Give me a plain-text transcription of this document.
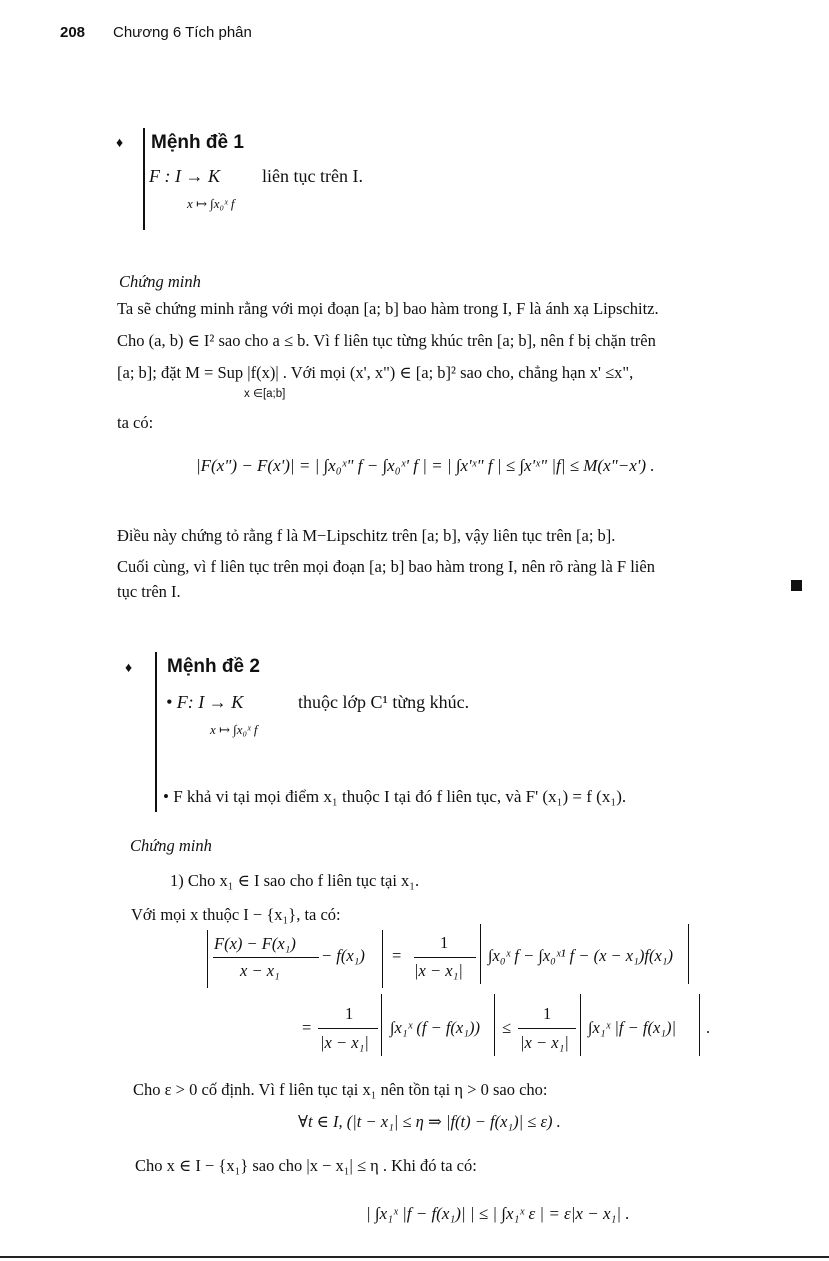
208 Chương 6 Tích phân
♦ Mệnh đề 1
F : I → K liên tục trên I.
x ↦ ∫x₀ˣ f
Chứng minh
Ta sẽ chứng minh rằng với mọi đoạn [a; b] bao hàm trong I, F là ánh xạ Lipschitz.
Cho (a, b) ∈ I² sao cho a ≤ b. Vì f liên tục từng khúc trên [a; b], nên f bị chặn trên
[a; b]; đặt M = Sup |f(x)| . Với mọi (x', x") ∈ [a; b]² sao cho, chẳng hạn x' ≤x",
x ∈[a;b]
ta có:
|F(x") − F(x')| = | ∫x₀ˣ" f − ∫x₀ˣ' f | = | ∫x'ˣ" f | ≤ ∫x'ˣ" |f| ≤ M(x"−x') .
Điều này chứng tỏ rằng f là M−Lipschitz trên [a; b], vậy liên tục trên [a; b].
Cuối cùng, vì f liên tục trên mọi đoạn [a; b] bao hàm trong I, nên rõ ràng là F liên
tục trên I.
♦ Mệnh đề 2
• F: I → K	thuộc lớp C¹ từng khúc.
x ↦ ∫x₀ˣ f
• F khả vi tại mọi điểm x₁ thuộc I tại đó f liên tục, và F' (x₁) = f (x₁).
Chứng minh
1) Cho x₁ ∈ I sao cho f liên tục tại x₁.
Với mọi x thuộc I − {x₁}, ta có:
F(x) − F(x₁)
x − x₁
− f(x₁) =
1
|x − x₁|
∫x₀ˣ f − ∫x₀ˣ¹ f − (x − x₁)f(x₁)
=
1
|x − x₁|
∫x₁ˣ (f − f(x₁)) ≤
1
|x − x₁|
∫x₁ˣ |f − f(x₁)| .
Cho ε > 0 cố định. Vì f liên tục tại x₁ nên tồn tại η > 0 sao cho:
∀t ∈ I, (|t − x₁| ≤ η ⇒ |f(t) − f(x₁)| ≤ ε) .
Cho x ∈ I − {x₁} sao cho |x − x₁| ≤ η . Khi đó ta có:
| ∫x₁ˣ |f − f(x₁)| | ≤ | ∫x₁ˣ ε | = ε|x − x₁| .
